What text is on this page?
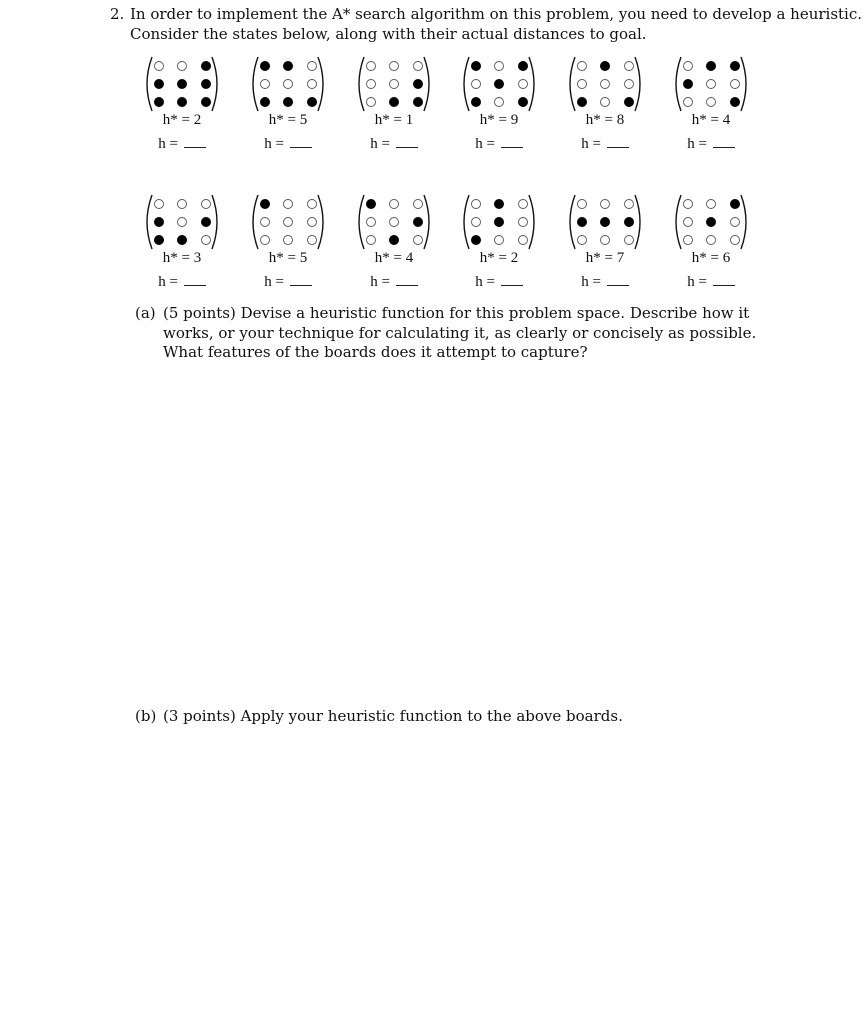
2. In order to implement the A* search algorithm on this problem, you need to develop a heuristic.
Consider the states below, along with their actual distances to goal.
h* = 2
h =
h* = 5
h =
h* = 1
h =
h* = 9
h =
h* = 8
h =
h* = 4
h =
h* = 3
h =
h* = 5
h =
h* = 4
h =
h* = 2
h =
h* = 7
h =
h* = 6
h =
(a) (5 points) Devise a heuristic function for this problem space. Describe how it works, or your technique for calculating it, as clearly or concisely as possible. What features of the boards does it attempt to capture?
(b) (3 points) Apply your heuristic function to the above boards.
